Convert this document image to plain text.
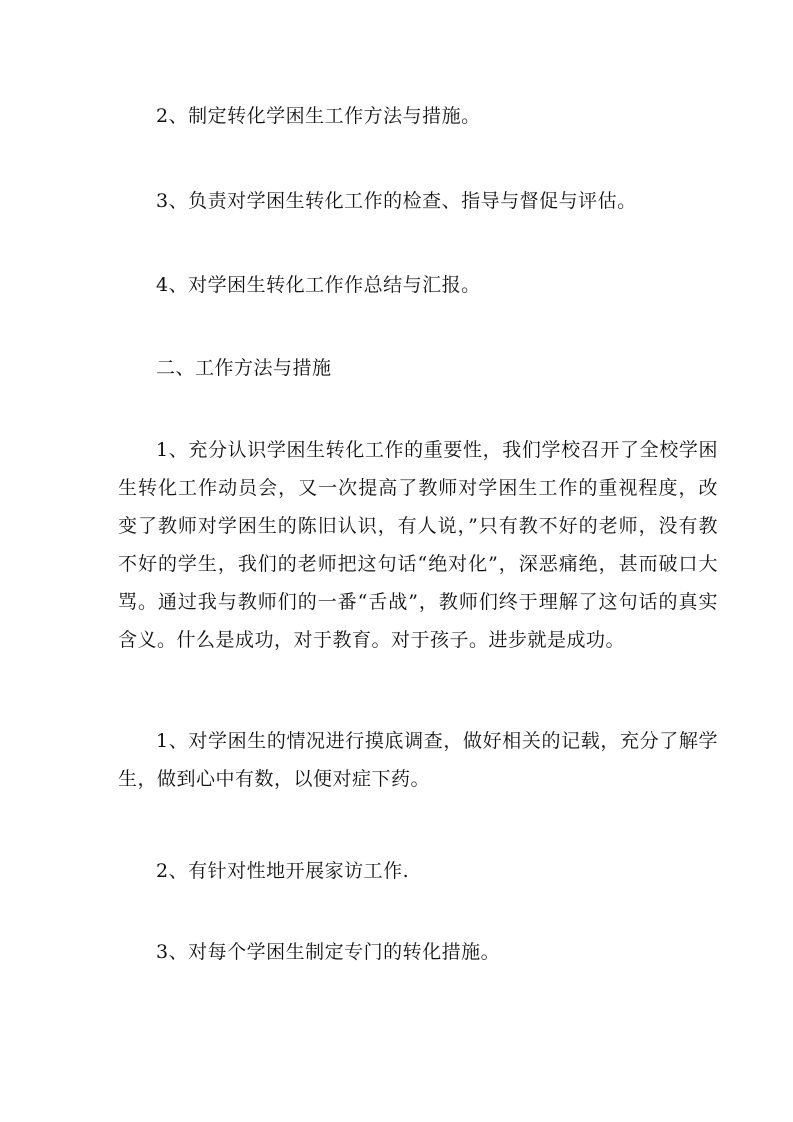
2、制定转化学困生工作方法与措施。

3、负责对学困生转化工作的检查、指导与督促与评估。

4、对学困生转化工作作总结与汇报。

二、工作方法与措施

1、充分认识学困生转化工作的重要性，我们学校召开了全校学困生转化工作动员会，又一次提高了教师对学困生工作的重视程度，改变了教师对学困生的陈旧认识，有人说，”只有教不好的老师，没有教不好的学生，我们的老师把这句话“绝对化”，深恶痛绝，甚而破口大骂。通过我与教师们的一番“舌战”，教师们终于理解了这句话的真实含义。什么是成功，对于教育。对于孩子。进步就是成功。

1、对学困生的情况进行摸底调查，做好相关的记载，充分了解学生，做到心中有数，以便对症下药。

2、有针对性地开展家访工作.

3、对每个学困生制定专门的转化措施。
